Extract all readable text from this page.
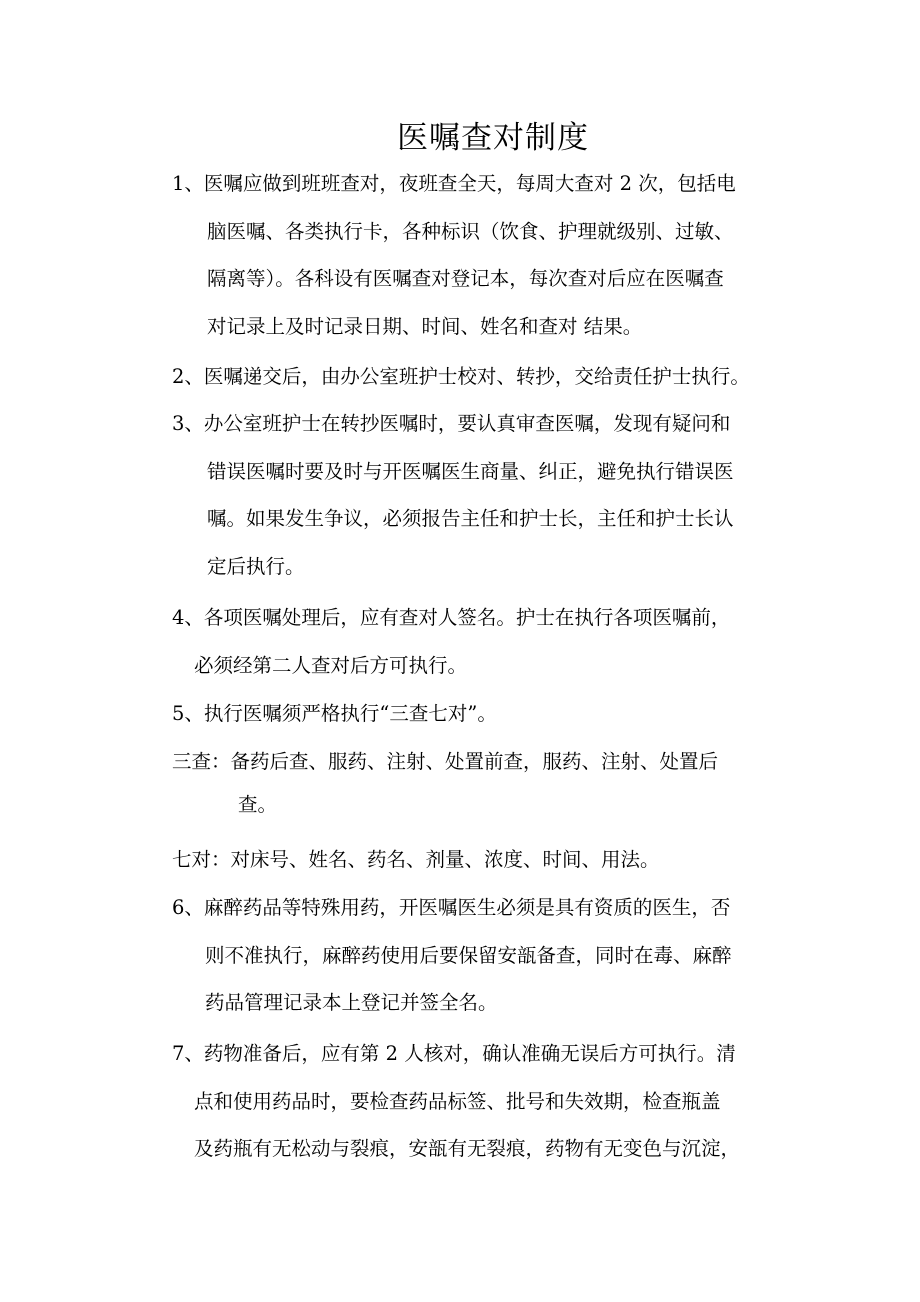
医嘱查对制度
1、医嘱应做到班班查对，夜班查全天，每周大查对 2 次，包括电
脑医嘱、各类执行卡，各种标识（饮食、护理就级别、过敏、
隔离等）。各科设有医嘱查对登记本，每次查对后应在医嘱查
对记录上及时记录日期、时间、姓名和查对 结果。
2、医嘱递交后，由办公室班护士校对、转抄，交给责任护士执行。
3、办公室班护士在转抄医嘱时，要认真审查医嘱，发现有疑问和
错误医嘱时要及时与开医嘱医生商量、纠正，避免执行错误医
嘱。如果发生争议，必须报告主任和护士长，主任和护士长认
定后执行。
4、各项医嘱处理后，应有查对人签名。护士在执行各项医嘱前，
必须经第二人查对后方可执行。
5、执行医嘱须严格执行“三查七对”。
三查：备药后查、服药、注射、处置前查，服药、注射、处置后
查。
七对：对床号、姓名、药名、剂量、浓度、时间、用法。
6、麻醉药品等特殊用药，开医嘱医生必须是具有资质的医生，否
则不准执行，麻醉药使用后要保留安瓿备查，同时在毒、麻醉
药品管理记录本上登记并签全名。
7、药物准备后，应有第 2 人核对，确认准确无误后方可执行。清
点和使用药品时，要检查药品标签、批号和失效期，检查瓶盖
及药瓶有无松动与裂痕，安瓿有无裂痕，药物有无变色与沉淀，
